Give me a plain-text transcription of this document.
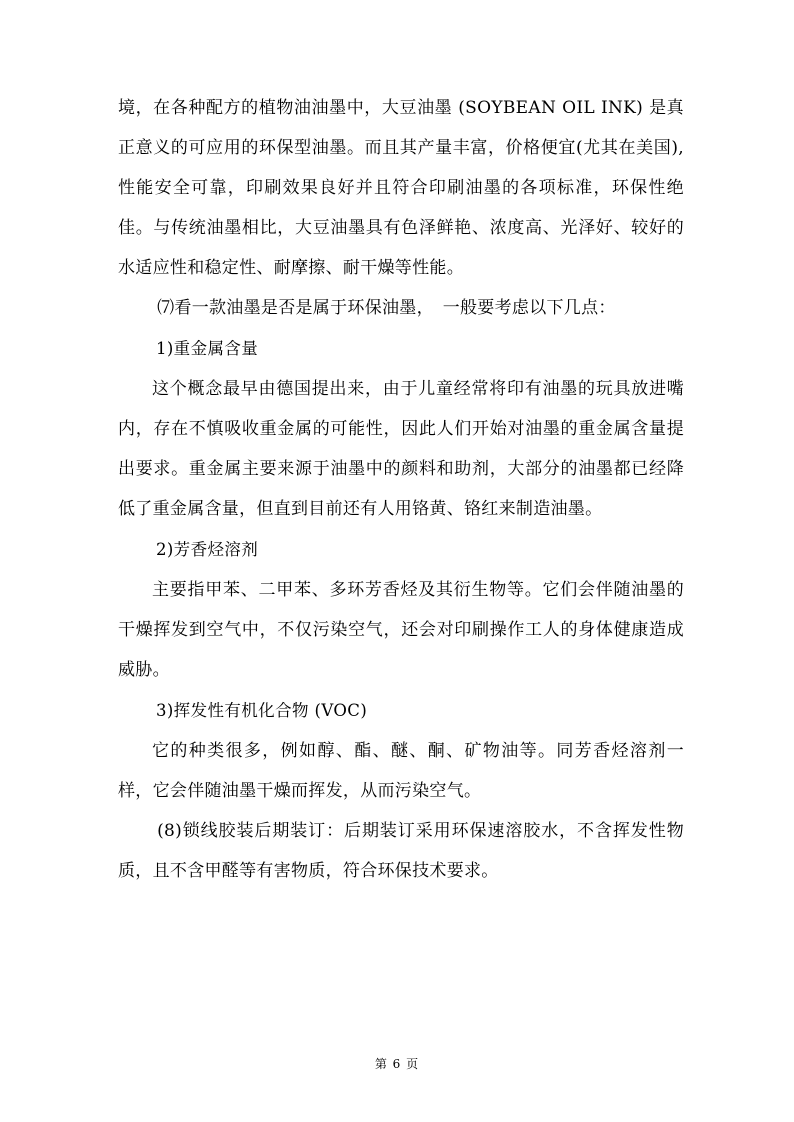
境，在各种配方的植物油油墨中，大豆油墨 (SOYBEAN OIL INK) 是真正意义的可应用的环保型油墨。而且其产量丰富，价格便宜(尤其在美国), 性能安全可靠，印刷效果良好并且符合印刷油墨的各项标准，环保性绝佳。与传统油墨相比，大豆油墨具有色泽鲜艳、浓度高、光泽好、较好的水适应性和稳定性、耐摩擦、耐干燥等性能。

⑺看一款油墨是否是属于环保油墨，　一般要考虑以下几点：

1)重金属含量

这个概念最早由德国提出来，由于儿童经常将印有油墨的玩具放进嘴内，存在不慎吸收重金属的可能性，因此人们开始对油墨的重金属含量提出要求。重金属主要来源于油墨中的颜料和助剂，大部分的油墨都已经降低了重金属含量，但直到目前还有人用铬黄、铬红来制造油墨。

2)芳香烃溶剂

主要指甲苯、二甲苯、多环芳香烃及其衍生物等。它们会伴随油墨的干燥挥发到空气中，不仅污染空气，还会对印刷操作工人的身体健康造成威胁。

3)挥发性有机化合物 (VOC)

它的种类很多，例如醇、酯、醚、酮、矿物油等。同芳香烃溶剂一样，它会伴随油墨干燥而挥发，从而污染空气。

(8)锁线胶装后期装订：后期装订采用环保速溶胶水，不含挥发性物质，且不含甲醛等有害物质，符合环保技术要求。

第 6 页
